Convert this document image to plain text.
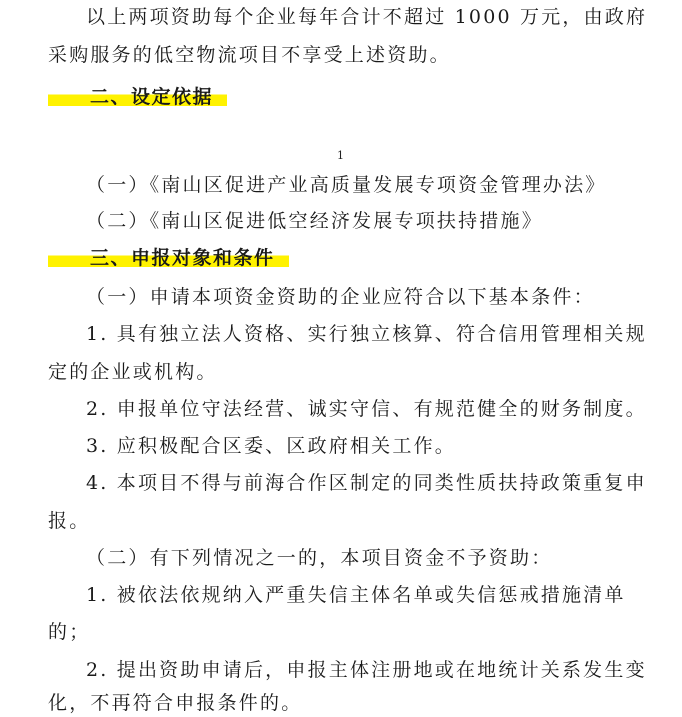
以上两项资助每个企业每年合计不超过 1000 万元，由政府
采购服务的低空物流项目不享受上述资助。
二、设定依据
1
（一）《南山区促进产业高质量发展专项资金管理办法》
（二）《南山区促进低空经济发展专项扶持措施》
三、申报对象和条件
（一）申请本项资金资助的企业应符合以下基本条件：
1. 具有独立法人资格、实行独立核算、符合信用管理相关规
定的企业或机构。
2. 申报单位守法经营、诚实守信、有规范健全的财务制度。
3. 应积极配合区委、区政府相关工作。
4. 本项目不得与前海合作区制定的同类性质扶持政策重复申
报。
（二）有下列情况之一的，本项目资金不予资助：
1. 被依法依规纳入严重失信主体名单或失信惩戒措施清单
的；
2. 提出资助申请后，申报主体注册地或在地统计关系发生变
化，不再符合申报条件的。
